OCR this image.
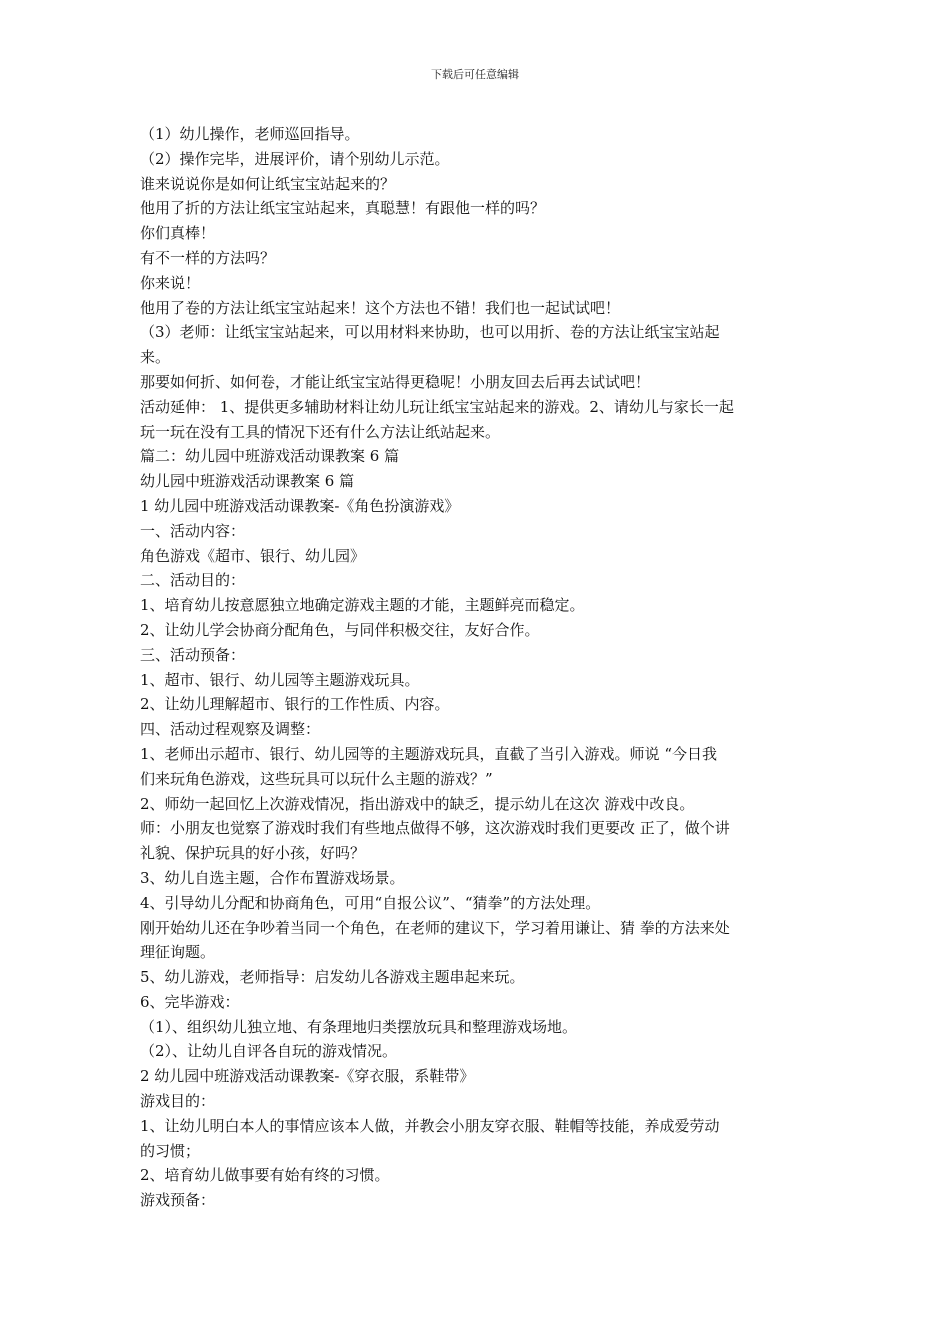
下载后可任意编辑
（1）幼儿操作，老师巡回指导。
（2）操作完毕，进展评价，请个别幼儿示范。
谁来说说你是如何让纸宝宝站起来的？
他用了折的方法让纸宝宝站起来，真聪慧！有跟他一样的吗？
你们真棒！
有不一样的方法吗？
你来说！
他用了卷的方法让纸宝宝站起来！这个方法也不错！我们也一起试试吧！
（3）老师：让纸宝宝站起来，可以用材料来协助，也可以用折、卷的方法让纸宝宝站起
来。
那要如何折、如何卷，才能让纸宝宝站得更稳呢！小朋友回去后再去试试吧！
活动延伸： 1、提供更多辅助材料让幼儿玩让纸宝宝站起来的游戏。2、请幼儿与家长一起
玩一玩在没有工具的情况下还有什么方法让纸站起来。
篇二：幼儿园中班游戏活动课教案 6 篇
幼儿园中班游戏活动课教案 6 篇
1 幼儿园中班游戏活动课教案-《角色扮演游戏》
一、活动内容：
角色游戏《超市、银行、幼儿园》
二、活动目的：
1、培育幼儿按意愿独立地确定游戏主题的才能，主题鲜亮而稳定。
2、让幼儿学会协商分配角色，与同伴积极交往，友好合作。
三、活动预备：
1、超市、银行、幼儿园等主题游戏玩具。
2、让幼儿理解超市、银行的工作性质、内容。
四、活动过程观察及调整：
1、老师出示超市、银行、幼儿园等的主题游戏玩具，直截了当引入游戏。师说 “今日我
们来玩角色游戏，这些玩具可以玩什么主题的游戏？”
2、师幼一起回忆上次游戏情况，指出游戏中的缺乏，提示幼儿在这次 游戏中改良。
师：小朋友也觉察了游戏时我们有些地点做得不够，这次游戏时我们更要改 正了，做个讲
礼貌、保护玩具的好小孩，好吗？
3、幼儿自选主题，合作布置游戏场景。
4、引导幼儿分配和协商角色，可用“自报公议”、“猜拳”的方法处理。
刚开始幼儿还在争吵着当同一个角色，在老师的建议下，学习着用谦让、猜 拳的方法来处
理征询题。
5、幼儿游戏，老师指导：启发幼儿各游戏主题串起来玩。
6、完毕游戏：
（1）、组织幼儿独立地、有条理地归类摆放玩具和整理游戏场地。
（2）、让幼儿自评各自玩的游戏情况。
2 幼儿园中班游戏活动课教案-《穿衣服，系鞋带》
游戏目的：
1、让幼儿明白本人的事情应该本人做，并教会小朋友穿衣服、鞋帽等技能，养成爱劳动
的习惯；
2、培育幼儿做事要有始有终的习惯。
游戏预备：
